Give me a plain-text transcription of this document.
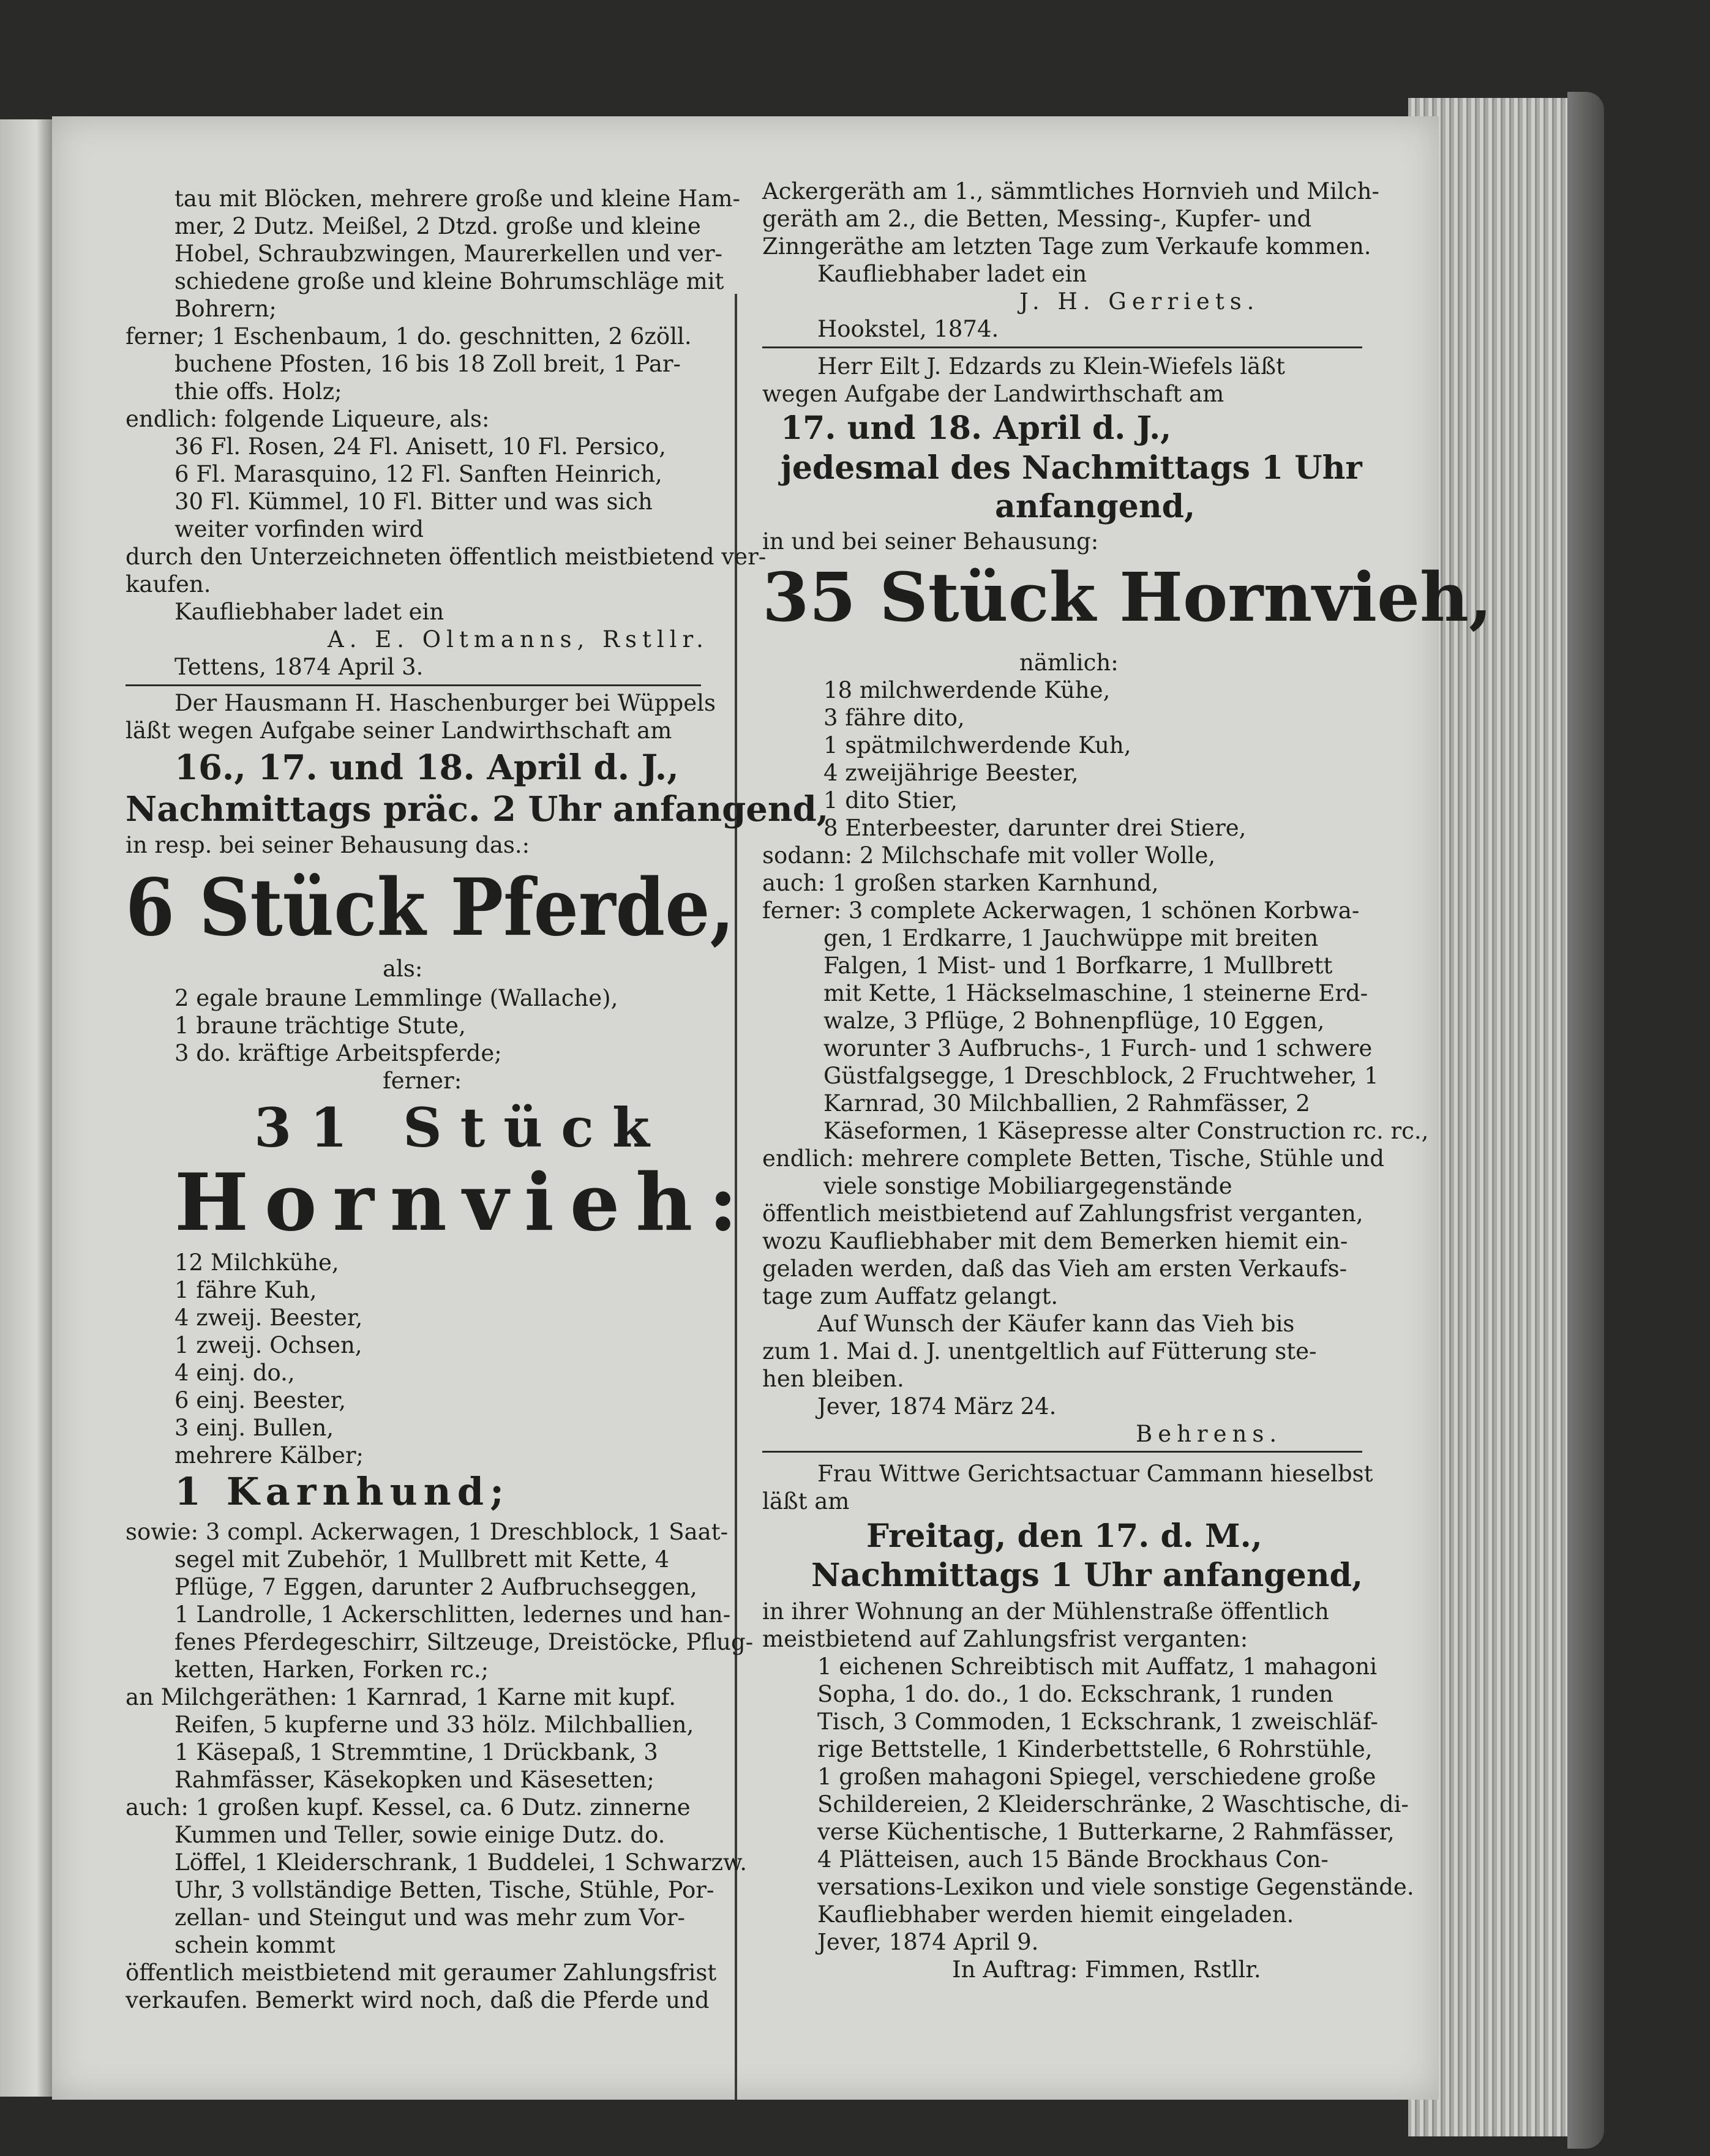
tau mit Blöcken, mehrere große und kleine Ham-
mer, 2 Dutz. Meißel, 2 Dtzd. große und kleine
Hobel, Schraubzwingen, Maurerkellen und ver-
schiedene große und kleine Bohrumschläge mit
Bohrern;
ferner; 1 Eschenbaum, 1 do. geschnitten, 2 6zöll.
buchene Pfosten, 16 bis 18 Zoll breit, 1 Par-
thie offs. Holz;
endlich: folgende Liqueure, als:
36 Fl. Rosen, 24 Fl. Anisett, 10 Fl. Persico,
6 Fl. Marasquino, 12 Fl. Sanften Heinrich,
30 Fl. Kümmel, 10 Fl. Bitter und was sich
weiter vorfinden wird
durch den Unterzeichneten öffentlich meistbietend ver-
kaufen.
Kaufliebhaber ladet ein
A. E. Oltmanns, Rstllr.
Tettens, 1874 April 3.
Der Hausmann H. Haschenburger bei Wüppels
läßt wegen Aufgabe seiner Landwirthschaft am
16., 17. und 18. April d. J.,
Nachmittags präc. 2 Uhr anfangend,
in resp. bei seiner Behausung das.:
6 Stück Pferde,
als:
2 egale braune Lemmlinge (Wallache),
1 braune trächtige Stute,
3 do. kräftige Arbeitspferde;
ferner:
31 Stück
Hornvieh:
12 Milchkühe,
1 fähre Kuh,
4 zweij. Beester,
1 zweij. Ochsen,
4 einj. do.,
6 einj. Beester,
3 einj. Bullen,
mehrere Kälber;
1 Karnhund;
sowie: 3 compl. Ackerwagen, 1 Dreschblock, 1 Saat-
segel mit Zubehör, 1 Mullbrett mit Kette, 4
Pflüge, 7 Eggen, darunter 2 Aufbruchseggen,
1 Landrolle, 1 Ackerschlitten, ledernes und han-
fenes Pferdegeschirr, Siltzeuge, Dreistöcke, Pflug-
ketten, Harken, Forken rc.;
an Milchgeräthen: 1 Karnrad, 1 Karne mit kupf.
Reifen, 5 kupferne und 33 hölz. Milchballien,
1 Käsepaß, 1 Stremmtine, 1 Drückbank, 3
Rahmfässer, Käsekopken und Käsesetten;
auch: 1 großen kupf. Kessel, ca. 6 Dutz. zinnerne
Kummen und Teller, sowie einige Dutz. do.
Löffel, 1 Kleiderschrank, 1 Buddelei, 1 Schwarzw.
Uhr, 3 vollständige Betten, Tische, Stühle, Por-
zellan- und Steingut und was mehr zum Vor-
schein kommt
öffentlich meistbietend mit geraumer Zahlungsfrist
verkaufen. Bemerkt wird noch, daß die Pferde und
Ackergeräth am 1., sämmtliches Hornvieh und Milch-
geräth am 2., die Betten, Messing-, Kupfer- und
Zinngeräthe am letzten Tage zum Verkaufe kommen.
Kaufliebhaber ladet ein
J. H. Gerriets.
Hookstel, 1874.
Herr Eilt J. Edzards zu Klein-Wiefels läßt
wegen Aufgabe der Landwirthschaft am
17. und 18. April d. J.,
jedesmal des Nachmittags 1 Uhr
anfangend,
in und bei seiner Behausung:
35 Stück Hornvieh,
nämlich:
18 milchwerdende Kühe,
3 fähre dito,
1 spätmilchwerdende Kuh,
4 zweijährige Beester,
1 dito Stier,
8 Enterbeester, darunter drei Stiere,
sodann: 2 Milchschafe mit voller Wolle,
auch: 1 großen starken Karnhund,
ferner: 3 complete Ackerwagen, 1 schönen Korbwa-
gen, 1 Erdkarre, 1 Jauchwüppe mit breiten
Falgen, 1 Mist- und 1 Borfkarre, 1 Mullbrett
mit Kette, 1 Häckselmaschine, 1 steinerne Erd-
walze, 3 Pflüge, 2 Bohnenpflüge, 10 Eggen,
worunter 3 Aufbruchs-, 1 Furch- und 1 schwere
Güstfalgsegge, 1 Dreschblock, 2 Fruchtweher, 1
Karnrad, 30 Milchballien, 2 Rahmfässer, 2
Käseformen, 1 Käsepresse alter Construction rc. rc.,
endlich: mehrere complete Betten, Tische, Stühle und
viele sonstige Mobiliargegenstände
öffentlich meistbietend auf Zahlungsfrist verganten,
wozu Kaufliebhaber mit dem Bemerken hiemit ein-
geladen werden, daß das Vieh am ersten Verkaufs-
tage zum Auffatz gelangt.
Auf Wunsch der Käufer kann das Vieh bis
zum 1. Mai d. J. unentgeltlich auf Fütterung ste-
hen bleiben.
Jever, 1874 März 24.
Behrens.
Frau Wittwe Gerichtsactuar Cammann hieselbst
läßt am
Freitag, den 17. d. M.,
Nachmittags 1 Uhr anfangend,
in ihrer Wohnung an der Mühlenstraße öffentlich
meistbietend auf Zahlungsfrist verganten:
1 eichenen Schreibtisch mit Auffatz, 1 mahagoni
Sopha, 1 do. do., 1 do. Eckschrank, 1 runden
Tisch, 3 Commoden, 1 Eckschrank, 1 zweischläf-
rige Bettstelle, 1 Kinderbettstelle, 6 Rohrstühle,
1 großen mahagoni Spiegel, verschiedene große
Schildereien, 2 Kleiderschränke, 2 Waschtische, di-
verse Küchentische, 1 Butterkarne, 2 Rahmfässer,
4 Plätteisen, auch 15 Bände Brockhaus Con-
versations-Lexikon und viele sonstige Gegenstände.
Kaufliebhaber werden hiemit eingeladen.
Jever, 1874 April 9.
In Auftrag: Fimmen, Rstllr.
